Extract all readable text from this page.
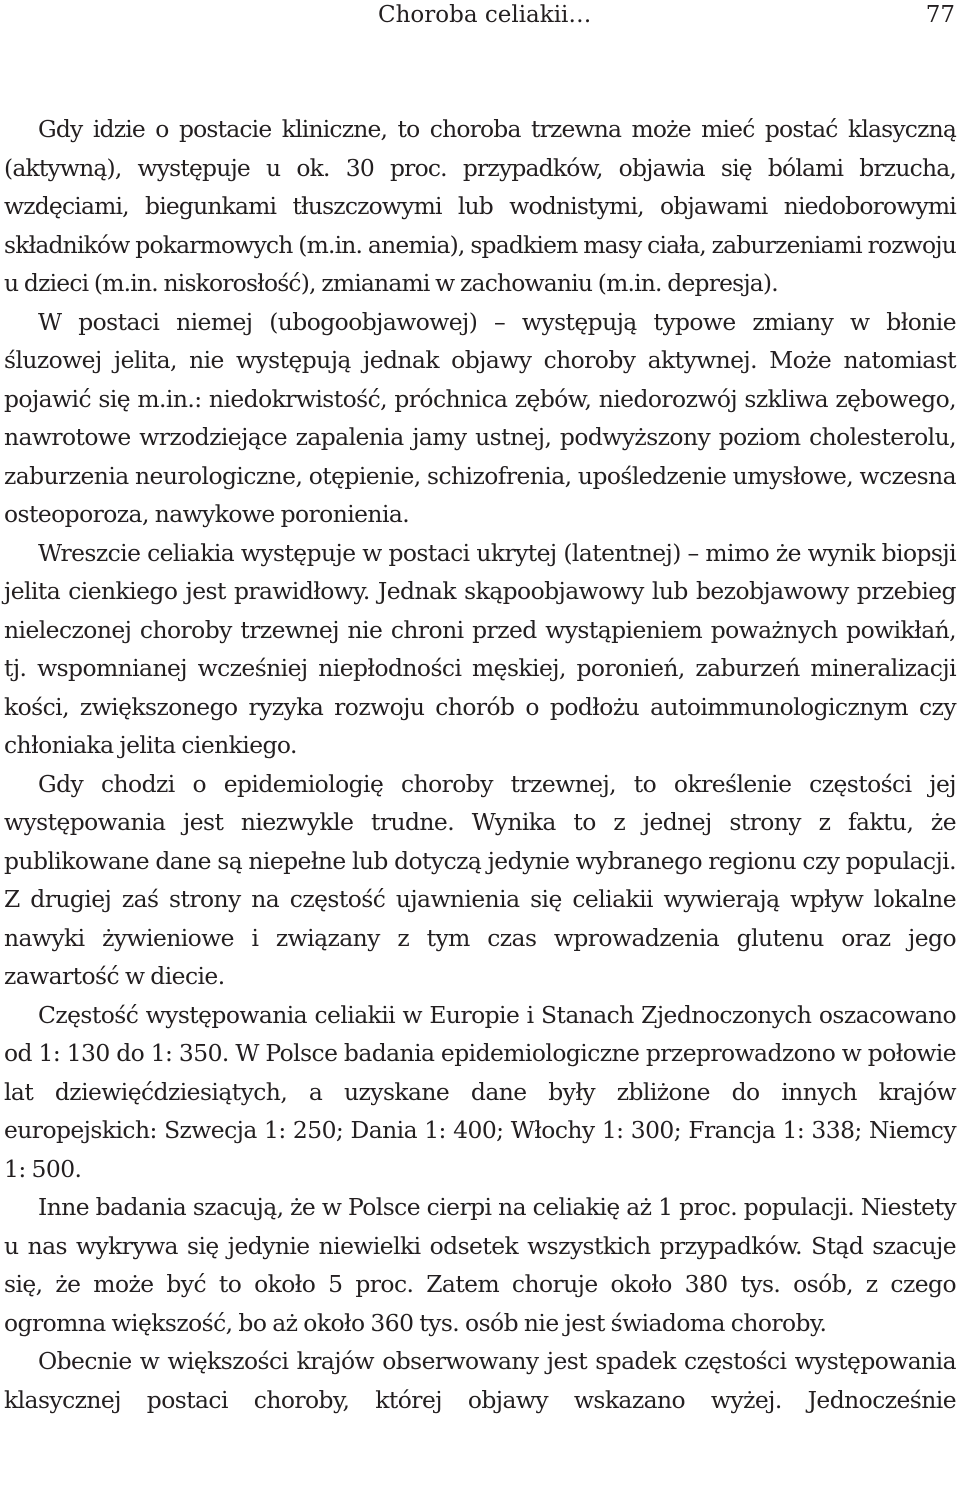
Choroba celiakii…	77

Gdy idzie o postacie kliniczne, to choroba trzewna może mieć postać klasyczną (aktywną), występuje u ok. 30 proc. przypadków, objawia się bólami brzucha, wzdęciami, biegunkami tłuszczowymi lub wodnistymi, objawami niedoborowymi składników pokarmowych (m.in. anemia), spadkiem masy ciała, zaburzeniami rozwoju u dzieci (m.in. niskorosłość), zmianami w zachowaniu (m.in. depresja).

W postaci niemej (ubogoobjawowej) – występują typowe zmiany w błonie śluzowej jelita, nie występują jednak objawy choroby aktywnej. Może natomiast pojawić się m.in.: niedokrwistość, próchnica zębów, niedorozwój szkliwa zębowego, nawrotowe wrzodziejące zapalenia jamy ustnej, podwyższony poziom cholesterolu, zaburzenia neurologiczne, otępienie, schizofrenia, upośledzenie umysłowe, wczesna osteoporoza, nawykowe poronienia.

Wreszcie celiakia występuje w postaci ukrytej (latentnej) – mimo że wynik biopsji jelita cienkiego jest prawidłowy. Jednak skąpoobjawowy lub bezobjawowy przebieg nieleczonej choroby trzewnej nie chroni przed wystąpieniem poważnych powikłań, tj. wspomnianej wcześniej niepłodności męskiej, poronień, zaburzeń mineralizacji kości, zwiększonego ryzyka rozwoju chorób o podłożu autoimmunologicznym czy chłoniaka jelita cienkiego.

Gdy chodzi o epidemiologię choroby trzewnej, to określenie częstości jej występowania jest niezwykle trudne. Wynika to z jednej strony z faktu, że publikowane dane są niepełne lub dotyczą jedynie wybranego regionu czy populacji. Z drugiej zaś strony na częstość ujawnienia się celiakii wywierają wpływ lokalne nawyki żywieniowe i związany z tym czas wprowadzenia glutenu oraz jego zawartość w diecie.

Częstość występowania celiakii w Europie i Stanach Zjednoczonych oszacowano od 1: 130 do 1: 350. W Polsce badania epidemiologiczne przeprowadzono w połowie lat dziewięćdziesiątych, a uzyskane dane były zbliżone do innych krajów europejskich: Szwecja 1: 250; Dania 1: 400; Włochy 1: 300; Francja 1: 338; Niemcy 1: 500.

Inne badania szacują, że w Polsce cierpi na celiakię aż 1 proc. populacji. Niestety u nas wykrywa się jedynie niewielki odsetek wszystkich przypadków. Stąd szacuje się, że może być to około 5 proc. Zatem choruje około 380 tys. osób, z czego ogromna większość, bo aż około 360 tys. osób nie jest świadoma choroby.

Obecnie w większości krajów obserwowany jest spadek częstości występowania klasycznej postaci choroby, której objawy wskazano wyżej. Jednocześnie
